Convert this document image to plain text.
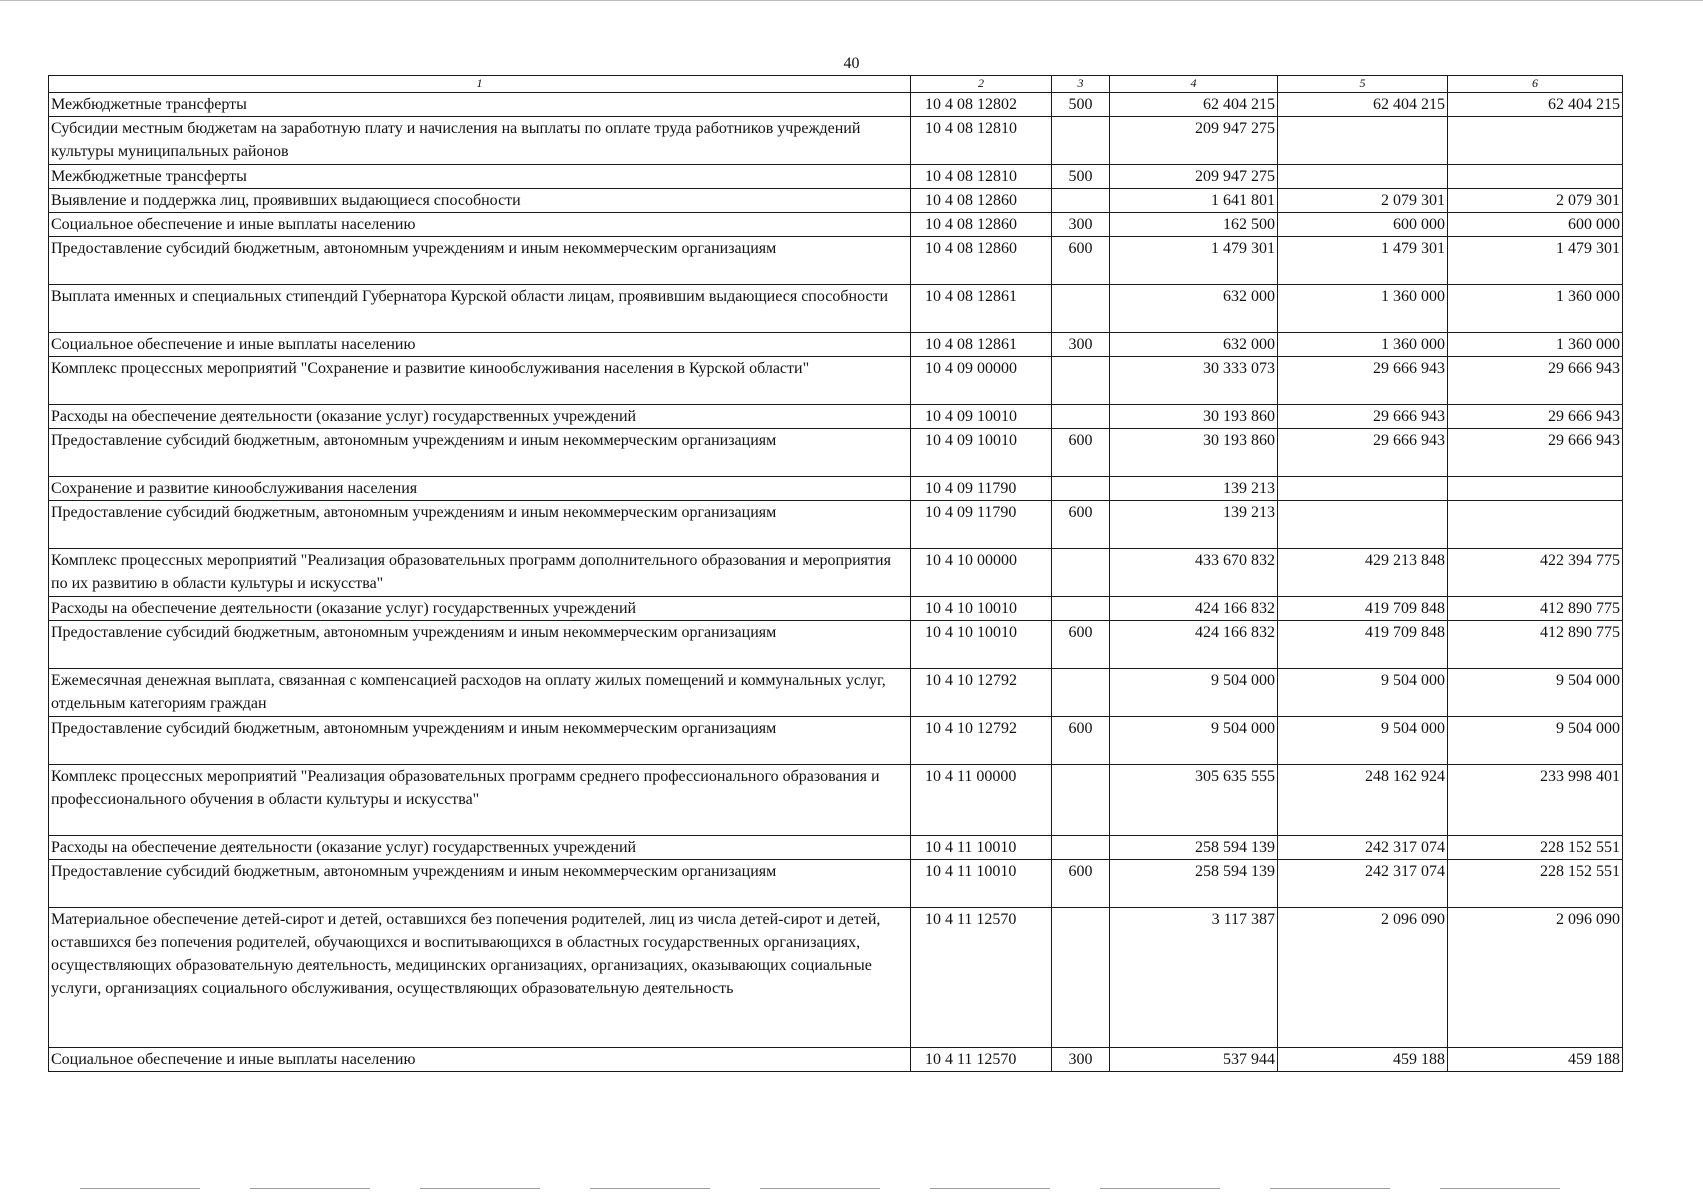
40
1	2	3	4	5	6
Межбюджетные трансферты	10 4 08 12802	500	62 404 215	62 404 215	62 404 215
Субсидии местным бюджетам на заработную плату и начисления на выплаты по оплате труда работников учреждений культуры муниципальных районов	10 4 08 12810		209 947 275		
Межбюджетные трансферты	10 4 08 12810	500	209 947 275		
Выявление и поддержка лиц, проявивших выдающиеся способности	10 4 08 12860		1 641 801	2 079 301	2 079 301
Социальное обеспечение и иные выплаты населению	10 4 08 12860	300	162 500	600 000	600 000
Предоставление субсидий бюджетным, автономным учреждениям и иным некоммерческим организациям	10 4 08 12860	600	1 479 301	1 479 301	1 479 301
Выплата именных и специальных стипендий Губернатора Курской области лицам, проявившим выдающиеся способности	10 4 08 12861		632 000	1 360 000	1 360 000
Социальное обеспечение и иные выплаты населению	10 4 08 12861	300	632 000	1 360 000	1 360 000
Комплекс процессных мероприятий "Сохранение и развитие кинообслуживания населения в Курской области"	10 4 09 00000		30 333 073	29 666 943	29 666 943
Расходы на обеспечение деятельности (оказание услуг) государственных учреждений	10 4 09 10010		30 193 860	29 666 943	29 666 943
Предоставление субсидий бюджетным, автономным учреждениям и иным некоммерческим организациям	10 4 09 10010	600	30 193 860	29 666 943	29 666 943
Сохранение и развитие кинообслуживания населения	10 4 09 11790		139 213		
Предоставление субсидий бюджетным, автономным учреждениям и иным некоммерческим организациям	10 4 09 11790	600	139 213		
Комплекс процессных мероприятий "Реализация образовательных программ дополнительного образования и мероприятия по их развитию в области культуры и искусства"	10 4 10 00000		433 670 832	429 213 848	422 394 775
Расходы на обеспечение деятельности (оказание услуг) государственных учреждений	10 4 10 10010		424 166 832	419 709 848	412 890 775
Предоставление субсидий бюджетным, автономным учреждениям и иным некоммерческим организациям	10 4 10 10010	600	424 166 832	419 709 848	412 890 775
Ежемесячная денежная выплата, связанная с компенсацией расходов на оплату жилых помещений и коммунальных услуг, отдельным категориям граждан	10 4 10 12792		9 504 000	9 504 000	9 504 000
Предоставление субсидий бюджетным, автономным учреждениям и иным некоммерческим организациям	10 4 10 12792	600	9 504 000	9 504 000	9 504 000
Комплекс процессных мероприятий "Реализация образовательных программ среднего профессионального образования и профессионального обучения в области культуры и искусства"	10 4 11 00000		305 635 555	248 162 924	233 998 401
Расходы на обеспечение деятельности (оказание услуг) государственных учреждений	10 4 11 10010		258 594 139	242 317 074	228 152 551
Предоставление субсидий бюджетным, автономным учреждениям и иным некоммерческим организациям	10 4 11 10010	600	258 594 139	242 317 074	228 152 551
Материальное обеспечение детей-сирот и детей, оставшихся без попечения родителей, лиц из числа детей-сирот и детей, оставшихся без попечения родителей, обучающихся и воспитывающихся в областных государственных организациях, осуществляющих образовательную деятельность, медицинских организациях, организациях, оказывающих социальные услуги, организациях социального обслуживания, осуществляющих образовательную деятельность	10 4 11 12570		3 117 387	2 096 090	2 096 090
Социальное обеспечение и иные выплаты населению	10 4 11 12570	300	537 944	459 188	459 188
